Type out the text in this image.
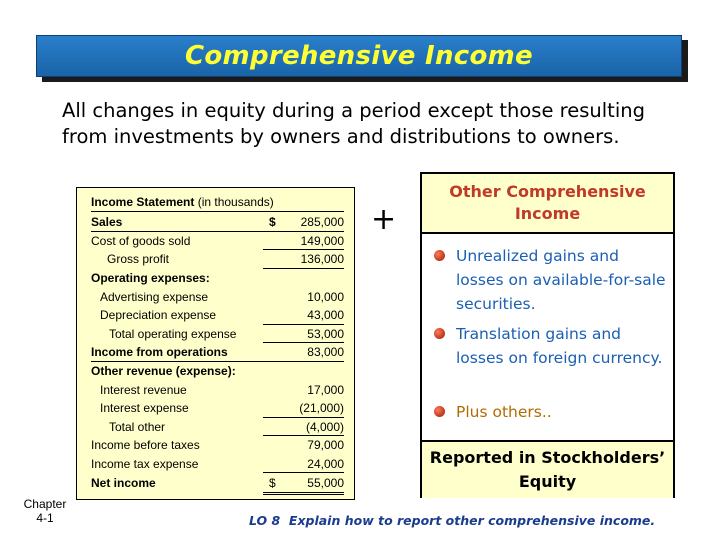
Comprehensive Income
All changes in equity during a period except those resulting from investments by owners and distributions to owners.
Income Statement (in thousands)
Sales	$ 285,000
Cost of goods sold	149,000
Gross profit	136,000
Operating expenses:
Advertising expense	10,000
Depreciation expense	43,000
Total operating expense	53,000
Income from operations	83,000
Other revenue (expense):
Interest revenue	17,000
Interest expense	(21,000)
Total other	(4,000)
Income before taxes	79,000
Income tax expense	24,000
Net income	$	55,000
+
Other Comprehensive Income
Unrealized gains and losses on available-for-sale securities.
Translation gains and losses on foreign currency.
Plus others..
Reported in Stockholders’ Equity
Chapter
4-1	LO 8  Explain how to report other comprehensive income.
